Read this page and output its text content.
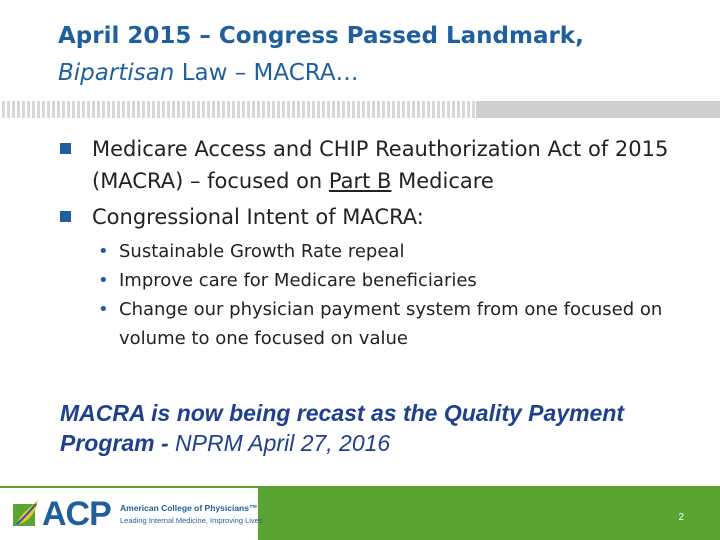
April 2015 – Congress Passed Landmark,
Bipartisan Law – MACRA…
Medicare Access and CHIP Reauthorization Act of 2015 (MACRA) – focused on Part B Medicare
Congressional Intent of MACRA:
• Sustainable Growth Rate repeal
• Improve care for Medicare beneficiaries
• Change our physician payment system from one focused on volume to one focused on value
MACRA is now being recast as the Quality Payment Program - NPRM April 27, 2016
2
ACP American College of Physicians™
Leading Internal Medicine, Improving Lives
